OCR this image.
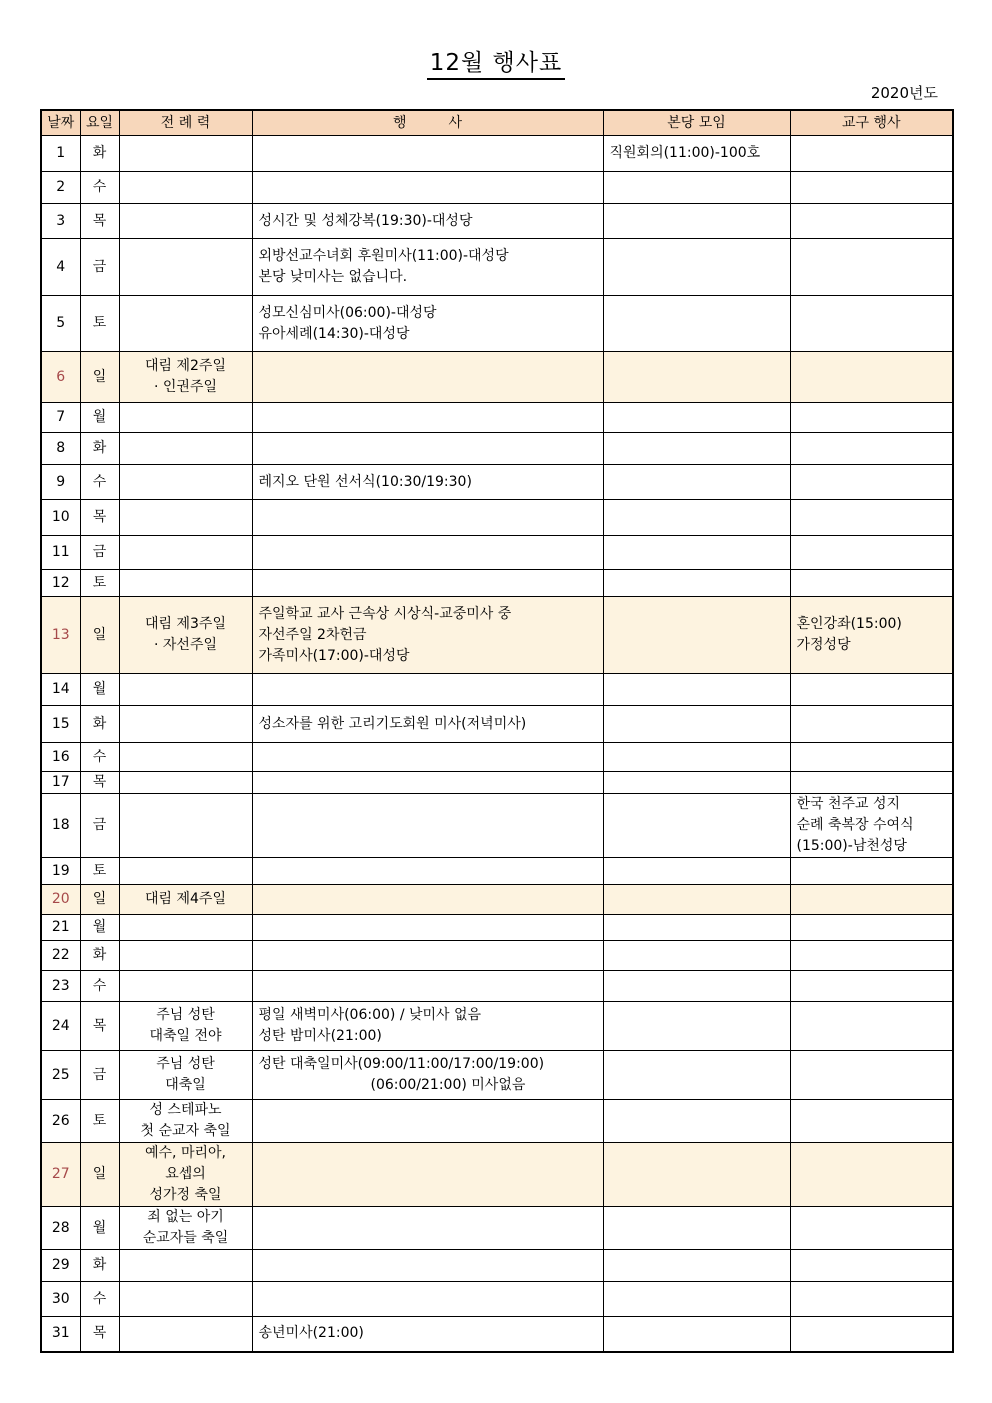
12월 행사표
2020년도
날짜	요일	전 례 력	행　　　사	본당 모임	교구 행사
1	화			직원회의(11:00)-100호	
2	수				
3	목		성시간 및 성체강복(19:30)-대성당		
4	금		외방선교수녀회 후원미사(11:00)-대성당
본당 낮미사는 없습니다.		
5	토		성모신심미사(06:00)-대성당
유아세례(14:30)-대성당		
6	일	대림 제2주일
· 인권주일			
7	월				
8	화				
9	수		레지오 단원 선서식(10:30/19:30)		
10	목				
11	금				
12	토				
13	일	대림 제3주일
· 자선주일	주일학교 교사 근속상 시상식-교중미사 중
자선주일 2차헌금
가족미사(17:00)-대성당		혼인강좌(15:00)
가정성당
14	월				
15	화		성소자를 위한 고리기도회원 미사(저녁미사)		
16	수				
17	목				
18	금				한국 천주교 성지
순례 축복장 수여식
(15:00)-남천성당
19	토				
20	일	대림 제4주일			
21	월				
22	화				
23	수				
24	목	주님 성탄
대축일 전야	평일 새벽미사(06:00) / 낮미사 없음
성탄 밤미사(21:00)		
25	금	주님 성탄
대축일	성탄 대축일미사(09:00/11:00/17:00/19:00)
　　　　　　　　(06:00/21:00) 미사없음		
26	토	성 스테파노
첫 순교자 축일			
27	일	예수, 마리아,
요셉의
성가정 축일			
28	월	죄 없는 아기
순교자들 축일			
29	화				
30	수				
31	목		송년미사(21:00)		
